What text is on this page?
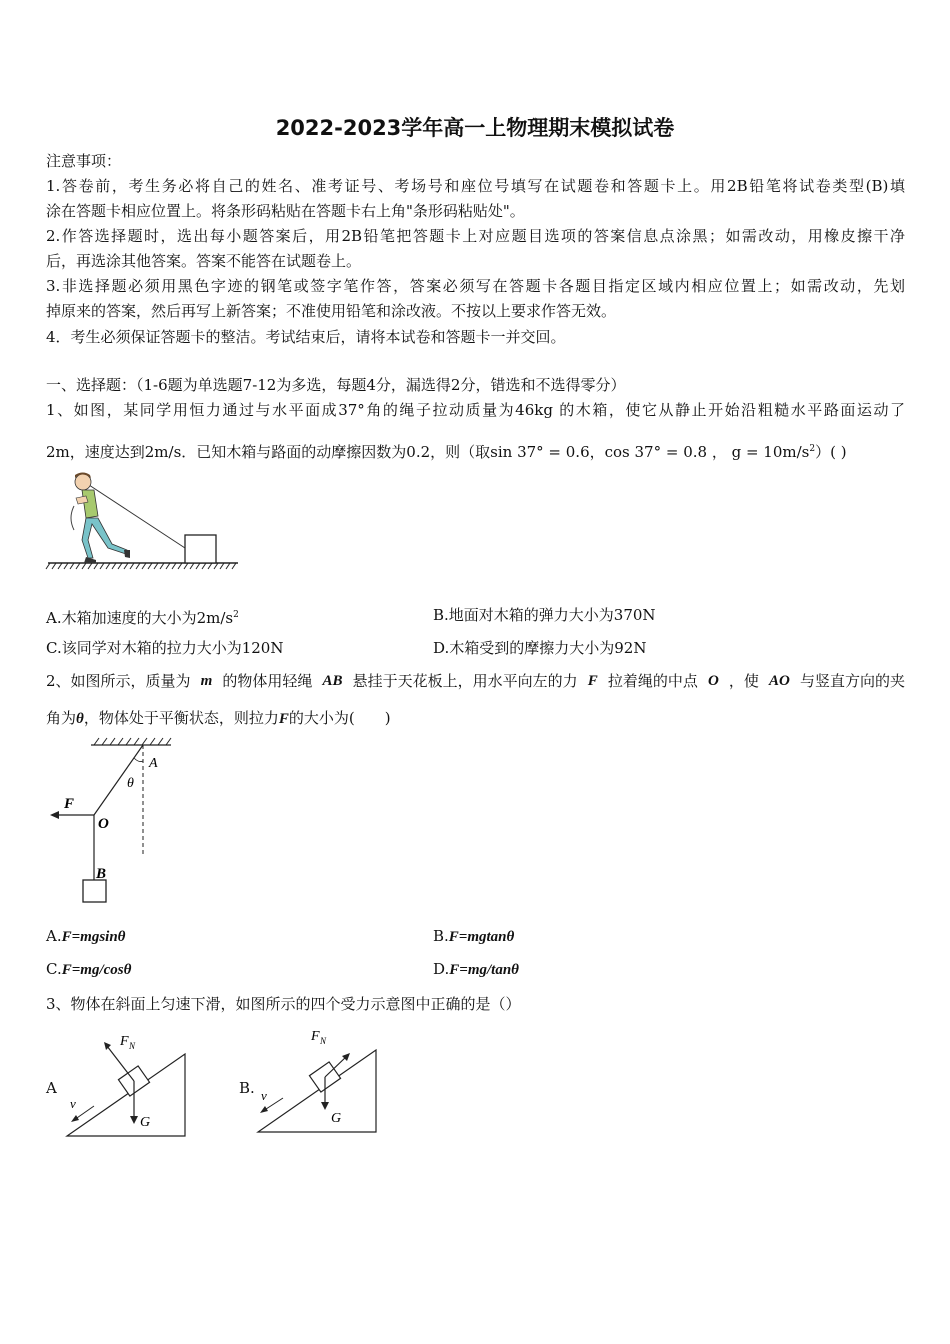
2022-2023学年高一上物理期末模拟试卷
注意事项：
1.答卷前，考生务必将自己的姓名、准考证号、考场号和座位号填写在试题卷和答题卡上。用2B铅笔将试卷类型(B)填
涂在答题卡相应位置上。将条形码粘贴在答题卡右上角"条形码粘贴处"。
2.作答选择题时，选出每小题答案后，用2B铅笔把答题卡上对应题目选项的答案信息点涂黑；如需改动，用橡皮擦干净
后，再选涂其他答案。答案不能答在试题卷上。
3.非选择题必须用黑色字迹的钢笔或签字笔作答，答案必须写在答题卡各题目指定区域内相应位置上；如需改动，先划
掉原来的答案，然后再写上新答案；不准使用铅笔和涂改液。不按以上要求作答无效。
4．考生必须保证答题卡的整洁。考试结束后，请将本试卷和答题卡一并交回。
一、选择题：（1-6题为单选题7-12为多选，每题4分，漏选得2分，错选和不选得零分）
1、如图，某同学用恒力通过与水平面成37°角的绳子拉动质量为46kg 的木箱，使它从静止开始沿粗糙水平路面运动了
2m，速度达到2m/s．已知木箱与路面的动摩擦因数为0.2，则（取sin 37° = 0.6，cos 37° = 0.8 ， $g = 10m/s^2$）( )
A.木箱加速度的大小为$2m/s^2$	B.地面对木箱的弹力大小为370N
C.该同学对木箱的拉力大小为120N	D.木箱受到的摩擦力大小为92N
2、如图所示，质量为 m 的物体用轻绳 AB 悬挂于天花板上，用水平向左的力 F 拉着绳的中点 O ，使 AO 与竖直方向的夹
角为θ，物体处于平衡状态，则拉力F的大小为(　　)
A
θ
F
O
B
A.F=mgsinθ	B.F=mgtanθ
C.F=mg/cosθ	D.F=mg/tanθ
3、物体在斜面上匀速下滑，如图所示的四个受力示意图中正确的是（）
A
F N
v
G
B.
F N
v
G
